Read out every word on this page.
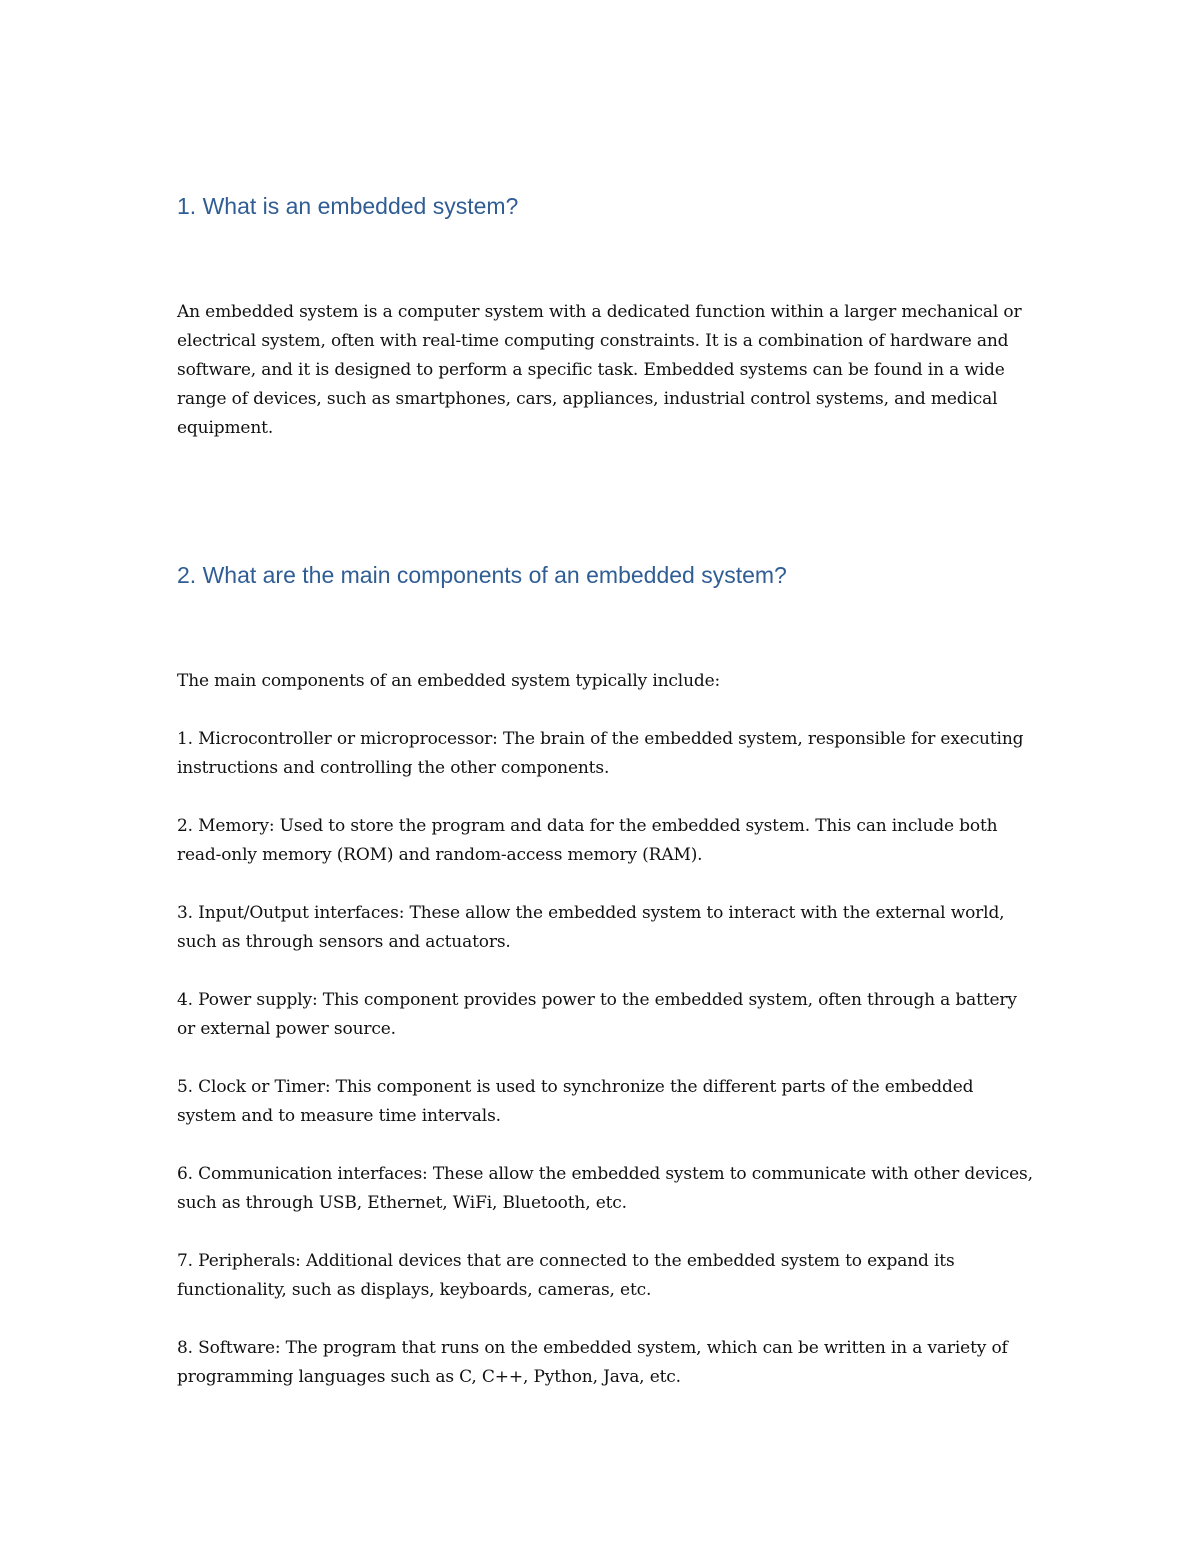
1. What is an embedded system?

An embedded system is a computer system with a dedicated function within a larger mechanical or electrical system, often with real-time computing constraints. It is a combination of hardware and software, and it is designed to perform a specific task. Embedded systems can be found in a wide range of devices, such as smartphones, cars, appliances, industrial control systems, and medical equipment.

2. What are the main components of an embedded system?

The main components of an embedded system typically include:

1. Microcontroller or microprocessor: The brain of the embedded system, responsible for executing instructions and controlling the other components.

2. Memory: Used to store the program and data for the embedded system. This can include both read-only memory (ROM) and random-access memory (RAM).

3. Input/Output interfaces: These allow the embedded system to interact with the external world, such as through sensors and actuators.

4. Power supply: This component provides power to the embedded system, often through a battery or external power source.

5. Clock or Timer: This component is used to synchronize the different parts of the embedded system and to measure time intervals.

6. Communication interfaces: These allow the embedded system to communicate with other devices, such as through USB, Ethernet, WiFi, Bluetooth, etc.

7. Peripherals: Additional devices that are connected to the embedded system to expand its functionality, such as displays, keyboards, cameras, etc.

8. Software: The program that runs on the embedded system, which can be written in a variety of programming languages such as C, C++, Python, Java, etc.
